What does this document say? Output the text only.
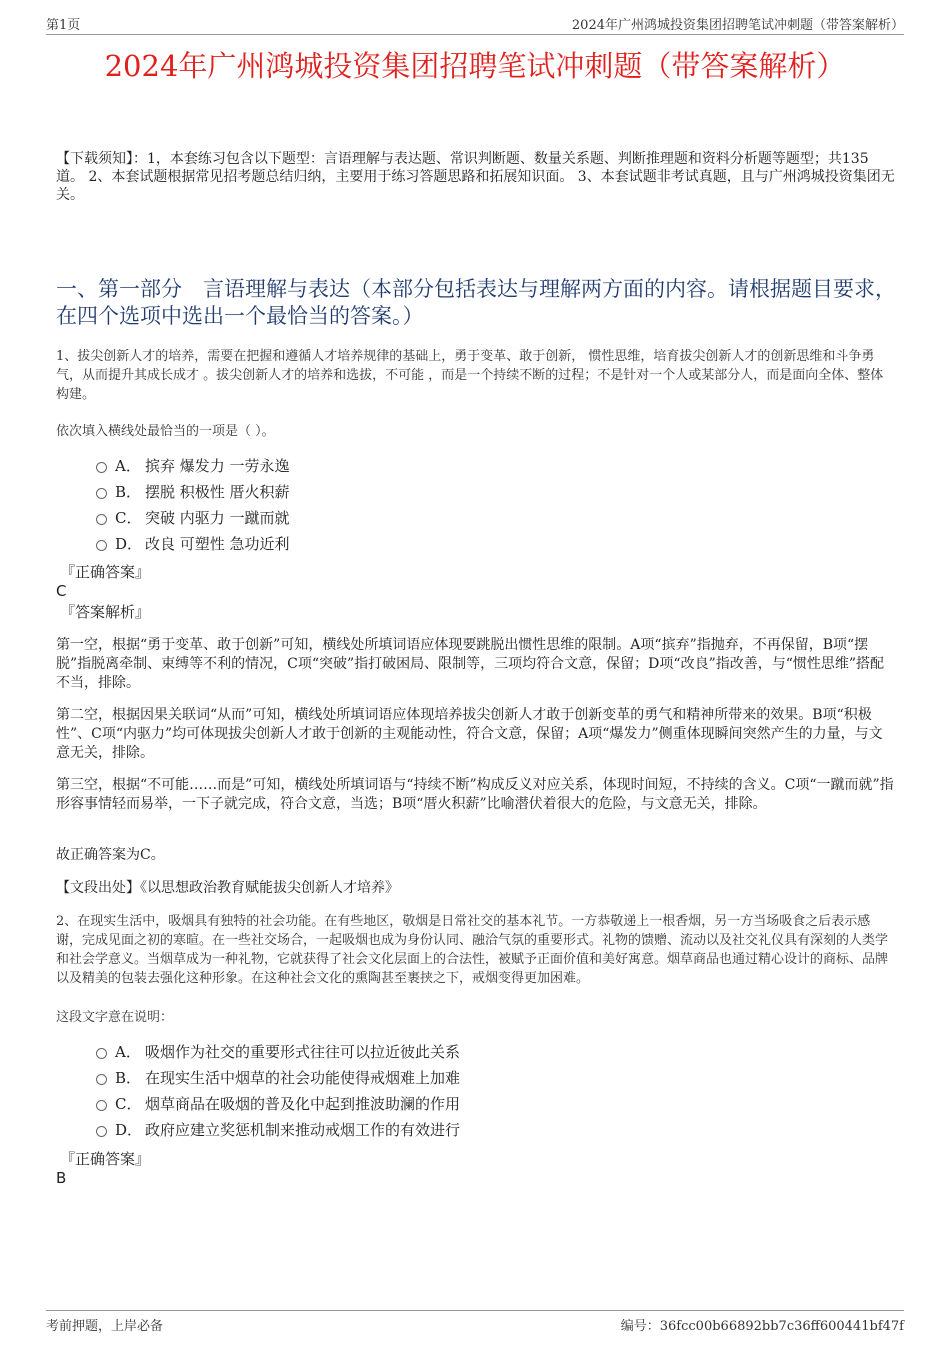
第1页	2024年广州鸿城投资集团招聘笔试冲刺题（带答案解析）
2024年广州鸿城投资集团招聘笔试冲刺题（带答案解析）
【下载须知】：1，本套练习包含以下题型：言语理解与表达题、常识判断题、数量关系题、判断推理题和资料分析题等题型；共135道。 2、本套试题根据常见招考题总结归纳，主要用于练习答题思路和拓展知识面。 3、本套试题非考试真题，且与广州鸿城投资集团无关。
一、第一部分　言语理解与表达（本部分包括表达与理解两方面的内容。请根据题目要求，在四个选项中选出一个最恰当的答案。）
1、拔尖创新人才的培养，需要在把握和遵循人才培养规律的基础上，勇于变革、敢于创新， 惯性思维，培育拔尖创新人才的创新思维和斗争勇气，从而提升其成长成才 。拔尖创新人才的培养和选拔，不可能 ，而是一个持续不断的过程；不是针对一个人或某部分人，而是面向全体、整体构建。
依次填入横线处最恰当的一项是（ ）。
A． 摈弃 爆发力 一劳永逸
B． 摆脱 积极性 厝火积薪
C． 突破 内驱力 一蹴而就
D． 改良 可塑性 急功近利
『正确答案』
C
『答案解析』
第一空，根据“勇于变革、敢于创新”可知，横线处所填词语应体现要跳脱出惯性思维的限制。A项“摈弃”指抛弃，不再保留，B项“摆脱”指脱离牵制、束缚等不利的情况，C项“突破”指打破困局、限制等，三项均符合文意，保留；D项“改良”指改善，与“惯性思维”搭配不当，排除。
第二空，根据因果关联词“从而”可知，横线处所填词语应体现培养拔尖创新人才敢于创新变革的勇气和精神所带来的效果。B项“积极性”、C项“内驱力”均可体现拔尖创新人才敢于创新的主观能动性，符合文意，保留；A项“爆发力”侧重体现瞬间突然产生的力量，与文意无关，排除。
第三空，根据“不可能……而是”可知，横线处所填词语与“持续不断”构成反义对应关系，体现时间短，不持续的含义。C项“一蹴而就”指形容事情轻而易举，一下子就完成，符合文意，当选；B项“厝火积薪”比喻潜伏着很大的危险，与文意无关，排除。
故正确答案为C。
【文段出处】《以思想政治教育赋能拔尖创新人才培养》
2、在现实生活中，吸烟具有独特的社会功能。在有些地区，敬烟是日常社交的基本礼节。一方恭敬递上一根香烟，另一方当场吸食之后表示感谢，完成见面之初的寒暄。在一些社交场合，一起吸烟也成为身份认同、融洽气氛的重要形式。礼物的馈赠、流动以及社交礼仪具有深刻的人类学和社会学意义。当烟草成为一种礼物，它就获得了社会文化层面上的合法性，被赋予正面价值和美好寓意。烟草商品也通过精心设计的商标、品牌以及精美的包装去强化这种形象。在这种社会文化的熏陶甚至裹挟之下，戒烟变得更加困难。
这段文字意在说明：
A． 吸烟作为社交的重要形式往往可以拉近彼此关系
B． 在现实生活中烟草的社会功能使得戒烟难上加难
C． 烟草商品在吸烟的普及化中起到推波助澜的作用
D． 政府应建立奖惩机制来推动戒烟工作的有效进行
『正确答案』
B
考前押题，上岸必备	编号：36fcc00b66892bb7c36ff600441bf47f
